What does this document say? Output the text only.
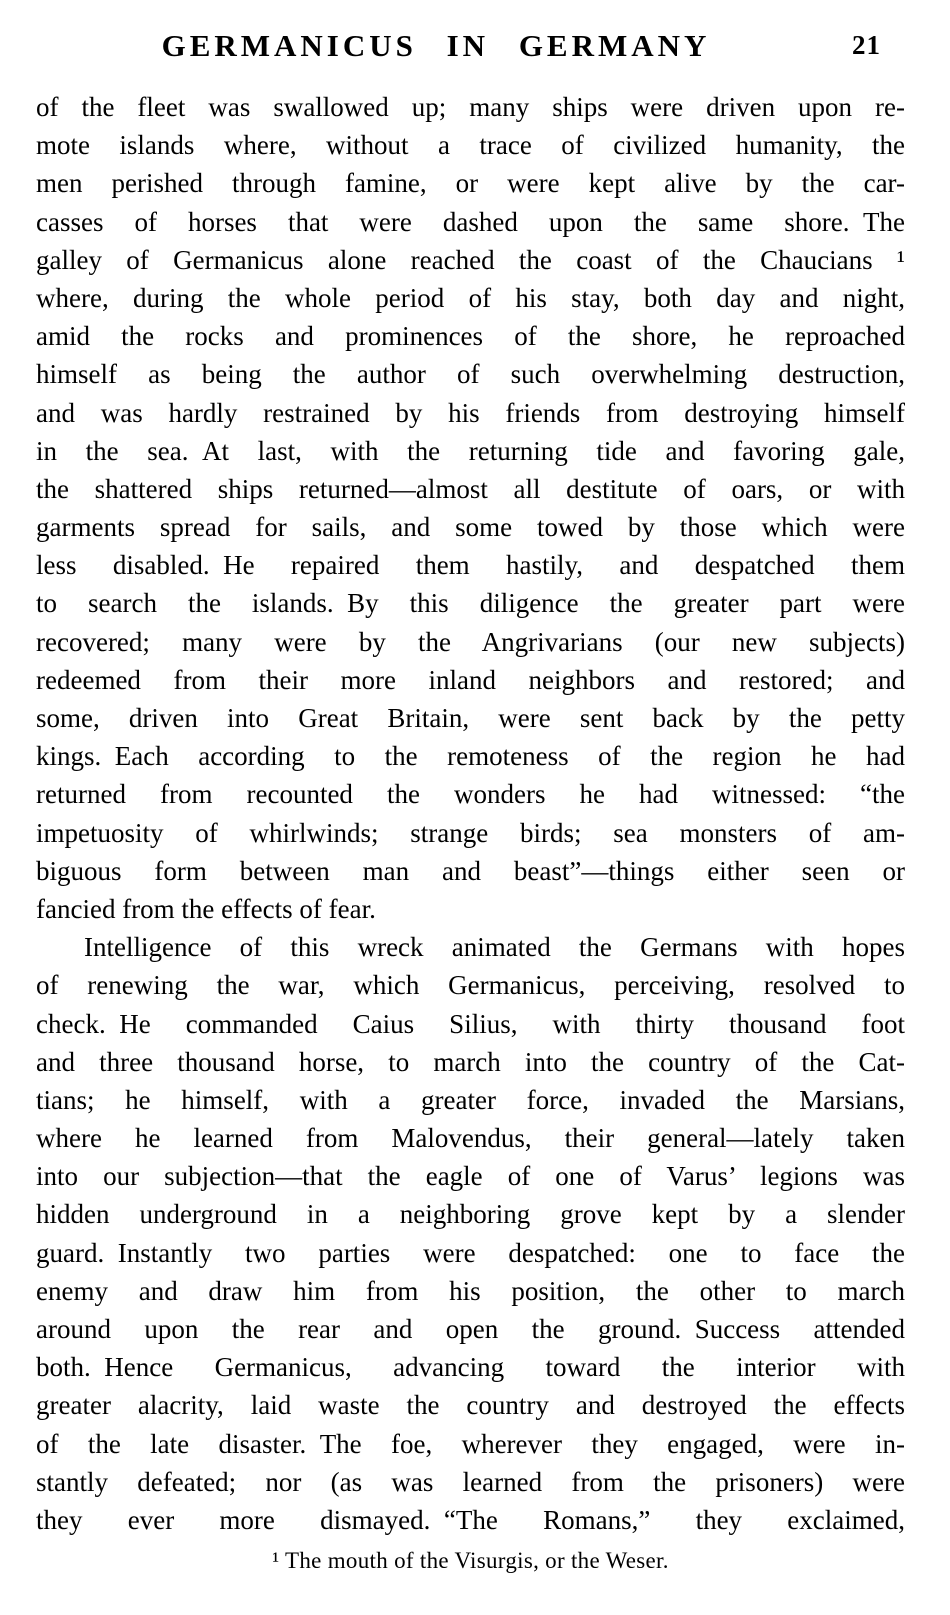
GERMANICUS IN GERMANY	21
of the fleet was swallowed up; many ships were driven upon re-
mote islands where, without a trace of civilized humanity, the
men perished through famine, or were kept alive by the car-
casses of horses that were dashed upon the same shore. The
galley of Germanicus alone reached the coast of the Chaucians ¹
where, during the whole period of his stay, both day and night,
amid the rocks and prominences of the shore, he reproached
himself as being the author of such overwhelming destruction,
and was hardly restrained by his friends from destroying himself
in the sea. At last, with the returning tide and favoring gale,
the shattered ships returned—almost all destitute of oars, or with
garments spread for sails, and some towed by those which were
less disabled. He repaired them hastily, and despatched them
to search the islands. By this diligence the greater part were
recovered; many were by the Angrivarians (our new subjects)
redeemed from their more inland neighbors and restored; and
some, driven into Great Britain, were sent back by the petty
kings. Each according to the remoteness of the region he had
returned from recounted the wonders he had witnessed: “the
impetuosity of whirlwinds; strange birds; sea monsters of am-
biguous form between man and beast”—things either seen or
fancied from the effects of fear.
Intelligence of this wreck animated the Germans with hopes
of renewing the war, which Germanicus, perceiving, resolved to
check. He commanded Caius Silius, with thirty thousand foot
and three thousand horse, to march into the country of the Cat-
tians; he himself, with a greater force, invaded the Marsians,
where he learned from Malovendus, their general—lately taken
into our subjection—that the eagle of one of Varus’ legions was
hidden underground in a neighboring grove kept by a slender
guard. Instantly two parties were despatched: one to face the
enemy and draw him from his position, the other to march
around upon the rear and open the ground. Success attended
both. Hence Germanicus, advancing toward the interior with
greater alacrity, laid waste the country and destroyed the effects
of the late disaster. The foe, wherever they engaged, were in-
stantly defeated; nor (as was learned from the prisoners) were
they ever more dismayed. “The Romans,” they exclaimed,
¹ The mouth of the Visurgis, or the Weser.
